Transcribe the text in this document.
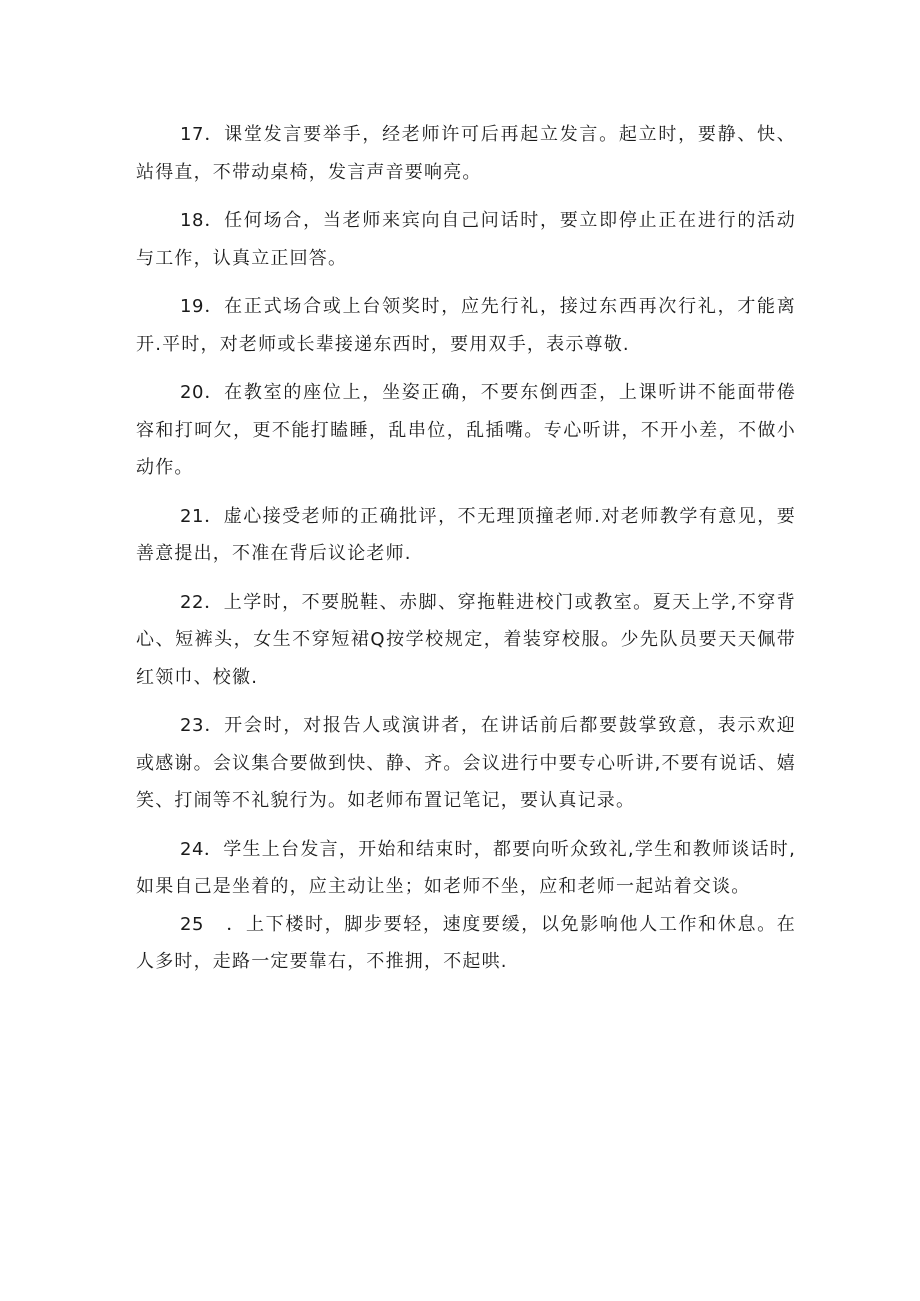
17．课堂发言要举手，经老师许可后再起立发言。起立时，要静、快、站得直，不带动桌椅，发言声音要响亮。

18．任何场合，当老师来宾向自己问话时，要立即停止正在进行的活动与工作，认真立正回答。

19．在正式场合或上台领奖时，应先行礼，接过东西再次行礼，才能离开.平时，对老师或长辈接递东西时，要用双手，表示尊敬.

20．在教室的座位上，坐姿正确，不要东倒西歪，上课听讲不能面带倦容和打呵欠，更不能打瞌睡，乱串位，乱插嘴。专心听讲，不开小差，不做小动作。

21．虚心接受老师的正确批评，不无理顶撞老师.对老师教学有意见，要善意提出，不准在背后议论老师.

22．上学时，不要脱鞋、赤脚、穿拖鞋进校门或教室。夏天上学,不穿背心、短裤头，女生不穿短裙Q按学校规定，着装穿校服。少先队员要天天佩带红领巾、校徽.

23．开会时，对报告人或演讲者，在讲话前后都要鼓掌致意，表示欢迎或感谢。会议集合要做到快、静、齐。会议进行中要专心听讲,不要有说话、嬉笑、打闹等不礼貌行为。如老师布置记笔记，要认真记录。

24．学生上台发言，开始和结束时，都要向听众致礼,学生和教师谈话时,如果自己是坐着的，应主动让坐；如老师不坐，应和老师一起站着交谈。

25 ．上下楼时，脚步要轻，速度要缓，以免影响他人工作和休息。在人多时，走路一定要靠右，不推拥，不起哄.
